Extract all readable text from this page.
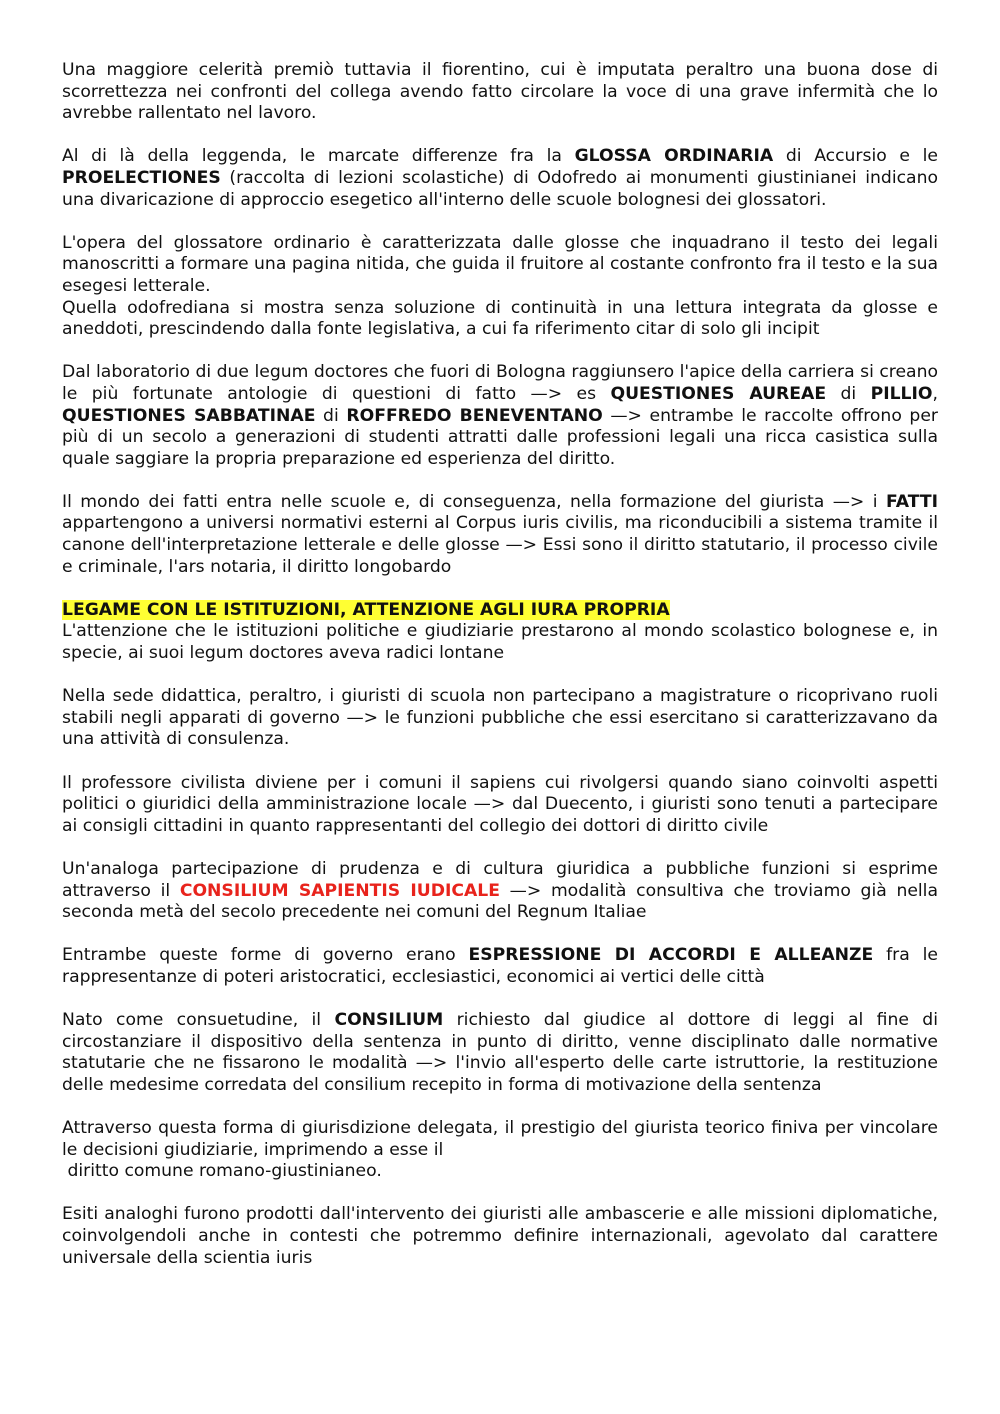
Una maggiore celerità premiò tuttavia il fiorentino, cui è imputata peraltro una buona dose di scorrettezza nei confronti del collega avendo fatto circolare la voce di una grave infermità che lo avrebbe rallentato nel lavoro.

Al di là della leggenda, le marcate differenze fra la GLOSSA ORDINARIA di Accursio e le PROELECTIONES (raccolta di lezioni scolastiche) di Odofredo ai monumenti giustinianei indicano una divaricazione di approccio esegetico all'interno delle scuole bolognesi dei glossatori.

L'opera del glossatore ordinario è caratterizzata dalle glosse che inquadrano il testo dei legali manoscritti a formare una pagina nitida, che guida il fruitore al costante confronto fra il testo e la sua esegesi letterale.

Quella odofrediana si mostra senza soluzione di continuità in una lettura integrata da glosse e aneddoti, prescindendo dalla fonte legislativa, a cui fa riferimento citar di solo gli incipit

Dal laboratorio di due legum doctores che fuori di Bologna raggiunsero l'apice della carriera si creano le più fortunate antologie di questioni di fatto —> es QUESTIONES AUREAE di PILLIO, QUESTIONES SABBATINAE di ROFFREDO BENEVENTANO —> entrambe le raccolte offrono per più di un secolo a generazioni di studenti attratti dalle professioni legali una ricca casistica sulla quale saggiare la propria preparazione ed esperienza del diritto.

Il mondo dei fatti entra nelle scuole e, di conseguenza, nella formazione del giurista —> i FATTI appartengono a universi normativi esterni al Corpus iuris civilis, ma riconducibili a sistema tramite il canone dell'interpretazione letterale e delle glosse —> Essi sono il diritto statutario, il processo civile e criminale, l'ars notaria, il diritto longobardo

LEGAME CON LE ISTITUZIONI, ATTENZIONE AGLI IURA PROPRIA

L'attenzione che le istituzioni politiche e giudiziarie prestarono al mondo scolastico bolognese e, in specie, ai suoi legum doctores aveva radici lontane

Nella sede didattica, peraltro, i giuristi di scuola non partecipano a magistrature o ricoprivano ruoli stabili negli apparati di governo —> le funzioni pubbliche che essi esercitano si caratterizzavano da una attività di consulenza.

Il professore civilista diviene per i comuni il sapiens cui rivolgersi quando siano coinvolti aspetti politici o giuridici della amministrazione locale —> dal Duecento, i giuristi sono tenuti a partecipare ai consigli cittadini in quanto rappresentanti del collegio dei dottori di diritto civile

Un'analoga partecipazione di prudenza e di cultura giuridica a pubbliche funzioni si esprime attraverso il CONSILIUM SAPIENTIS IUDICALE —> modalità consultiva che troviamo già nella seconda metà del secolo precedente nei comuni del Regnum Italiae

Entrambe queste forme di governo erano ESPRESSIONE DI ACCORDI E ALLEANZE fra le rappresentanze di poteri aristocratici, ecclesiastici, economici ai vertici delle città

Nato come consuetudine, il CONSILIUM richiesto dal giudice al dottore di leggi al fine di circostanziare il dispositivo della sentenza in punto di diritto, venne disciplinato dalle normative statutarie che ne fissarono le modalità —> l'invio all'esperto delle carte istruttorie, la restituzione delle medesime corredata del consilium recepito in forma di motivazione della sentenza

Attraverso questa forma di giurisdizione delegata, il prestigio del giurista teorico finiva per vincolare le decisioni giudiziarie, imprimendo a esse il
diritto comune romano-giustinianeo.

Esiti analoghi furono prodotti dall'intervento dei giuristi alle ambascerie e alle missioni diplomatiche, coinvolgendoli anche in contesti che potremmo definire internazionali, agevolato dal carattere universale della scientia iuris
